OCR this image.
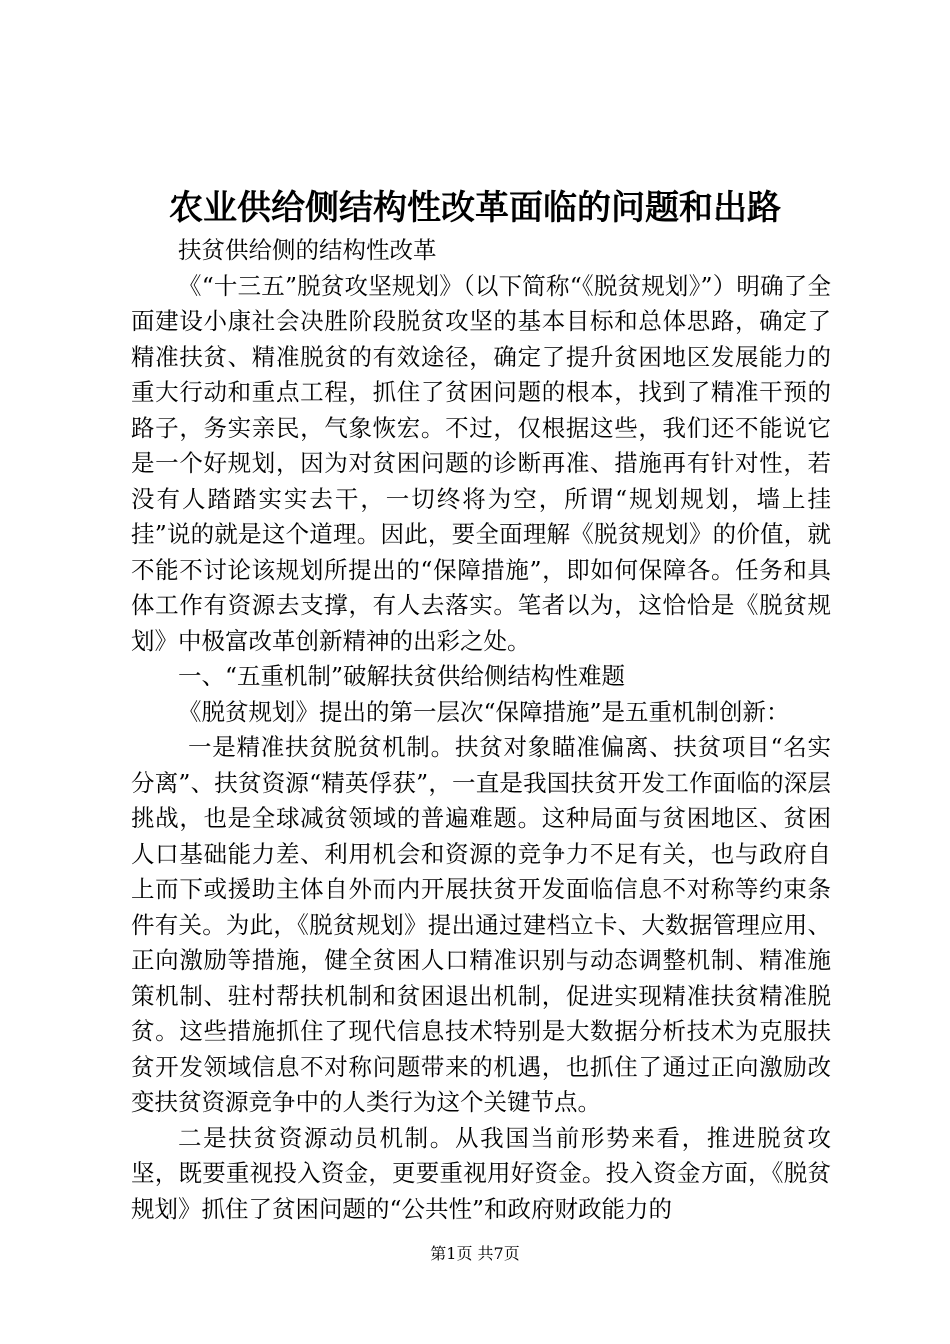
农业供给侧结构性改革面临的问题和出路

扶贫供给侧的结构性改革

《“十三五”脱贫攻坚规划》（以下简称“《脱贫规划》”）明确了全面建设小康社会决胜阶段脱贫攻坚的基本目标和总体思路，确定了精准扶贫、精准脱贫的有效途径，确定了提升贫困地区发展能力的重大行动和重点工程，抓住了贫困问题的根本，找到了精准干预的路子，务实亲民，气象恢宏。不过，仅根据这些，我们还不能说它是一个好规划，因为对贫困问题的诊断再准、措施再有针对性，若没有人踏踏实实去干，一切终将为空，所谓“规划规划，墙上挂挂”说的就是这个道理。因此，要全面理解《脱贫规划》的价值，就不能不讨论该规划所提出的“保障措施”，即如何保障各。任务和具体工作有资源去支撑，有人去落实。笔者以为，这恰恰是《脱贫规划》中极富改革创新精神的出彩之处。

一、“五重机制”破解扶贫供给侧结构性难题

《脱贫规划》提出的第一层次“保障措施”是五重机制创新：

一是精准扶贫脱贫机制。扶贫对象瞄准偏离、扶贫项目“名实分离”、扶贫资源“精英俘获”，一直是我国扶贫开发工作面临的深层挑战，也是全球减贫领域的普遍难题。这种局面与贫困地区、贫困人口基础能力差、利用机会和资源的竞争力不足有关，也与政府自上而下或援助主体自外而内开展扶贫开发面临信息不对称等约束条件有关。为此，《脱贫规划》提出通过建档立卡、大数据管理应用、正向激励等措施，健全贫困人口精准识别与动态调整机制、精准施策机制、驻村帮扶机制和贫困退出机制，促进实现精准扶贫精准脱贫。这些措施抓住了现代信息技术特别是大数据分析技术为克服扶贫开发领域信息不对称问题带来的机遇，也抓住了通过正向激励改变扶贫资源竞争中的人类行为这个关键节点。

二是扶贫资源动员机制。从我国当前形势来看，推进脱贫攻坚，既要重视投入资金，更要重视用好资金。投入资金方面，《脱贫规划》抓住了贫困问题的“公共性”和政府财政能力的

第1页 共7页
